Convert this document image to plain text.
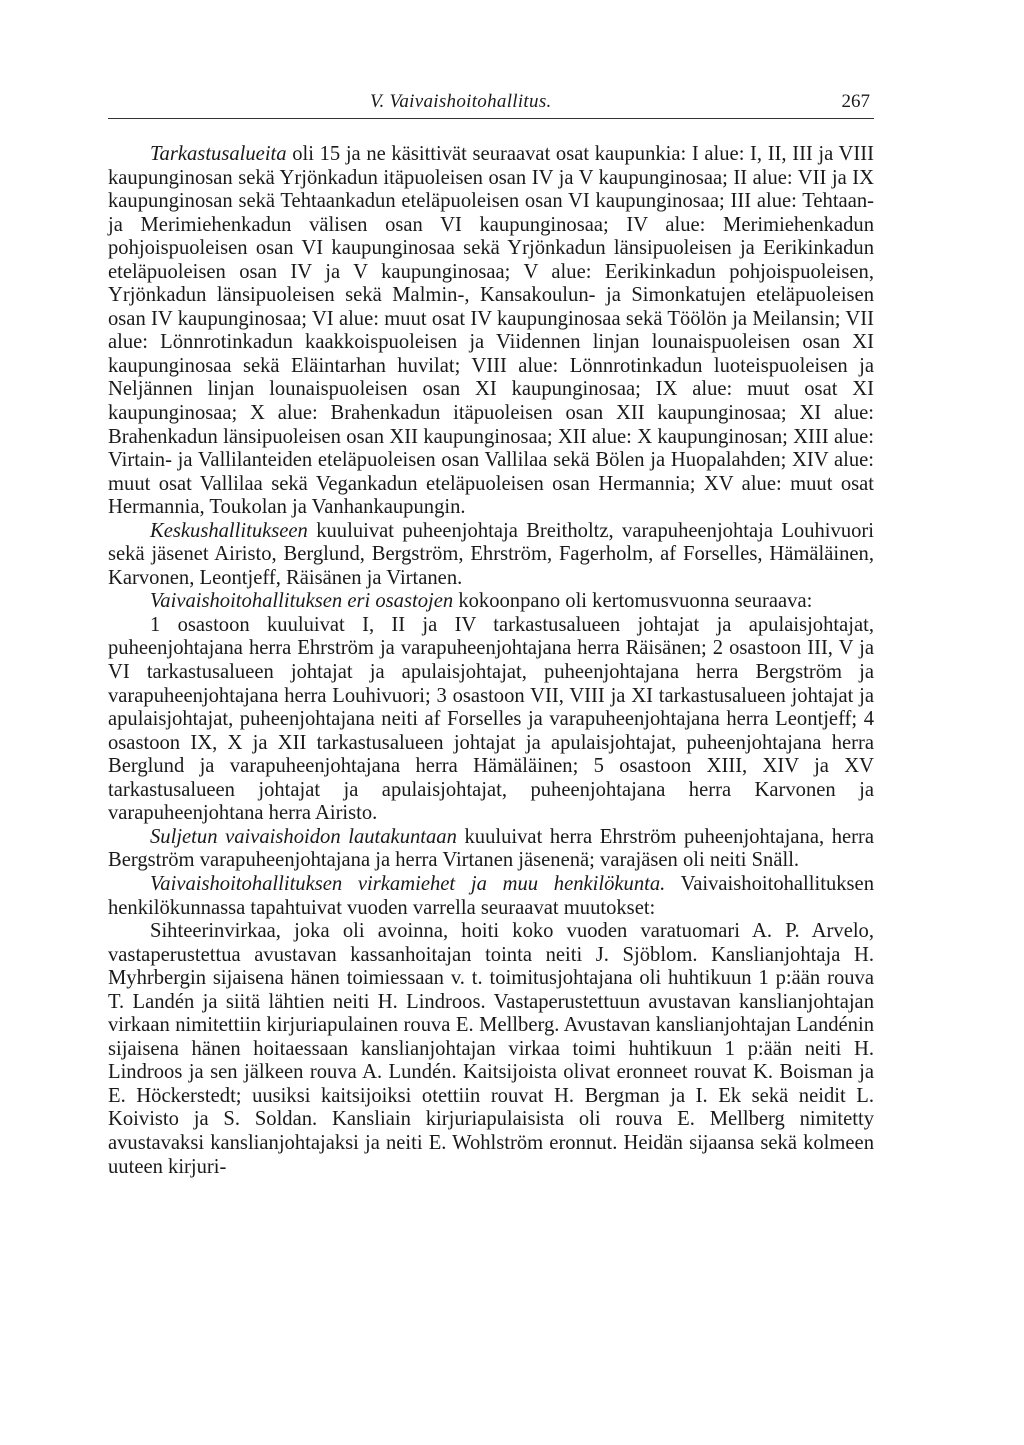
V. Vaivaishoitohallitus.	267

Tarkastusalueita oli 15 ja ne käsittivät seuraavat osat kaupunkia: I alue: I, II, III ja VIII kaupunginosan sekä Yrjönkadun itäpuoleisen osan IV ja V kaupunginosaa; II alue: VII ja IX kaupunginosan sekä Tehtaankadun eteläpuoleisen osan VI kaupunginosaa; III alue: Tehtaan- ja Merimiehenkadun välisen osan VI kaupunginosaa; IV alue: Merimiehenkadun pohjoispuoleisen osan VI kaupunginosaa sekä Yrjönkadun länsipuoleisen ja Eerikinkadun eteläpuoleisen osan IV ja V kaupunginosaa; V alue: Eerikinkadun pohjoispuoleisen, Yrjönkadun länsipuoleisen sekä Malmin-, Kansakoulun- ja Simonkatujen eteläpuoleisen osan IV kaupunginosaa; VI alue: muut osat IV kaupunginosaa sekä Töölön ja Meilansin; VII alue: Lönnrotinkadun kaakkoispuoleisen ja Viidennen linjan lounaispuoleisen osan XI kaupunginosaa sekä Eläintarhan huvilat; VIII alue: Lönnrotinkadun luoteispuoleisen ja Neljännen linjan lounaispuoleisen osan XI kaupunginosaa; IX alue: muut osat XI kaupunginosaa; X alue: Brahenkadun itäpuoleisen osan XII kaupunginosaa; XI alue: Brahenkadun länsipuoleisen osan XII kaupunginosaa; XII alue: X kaupunginosan; XIII alue: Virtain- ja Vallilanteiden eteläpuoleisen osan Vallilaa sekä Bölen ja Huopalahden; XIV alue: muut osat Vallilaa sekä Vegankadun eteläpuoleisen osan Hermannia; XV alue: muut osat Hermannia, Toukolan ja Vanhankaupungin.

Keskushallitukseen kuuluivat puheenjohtaja Breitholtz, varapuheenjohtaja Louhivuori sekä jäsenet Airisto, Berglund, Bergström, Ehrström, Fagerholm, af Forselles, Hämäläinen, Karvonen, Leontjeff, Räisänen ja Virtanen.

Vaivaishoitohallituksen eri osastojen kokoonpano oli kertomusvuonna seuraava:

1 osastoon kuuluivat I, II ja IV tarkastusalueen johtajat ja apulaisjohtajat, puheenjohtajana herra Ehrström ja varapuheenjohtajana herra Räisänen; 2 osastoon III, V ja VI tarkastusalueen johtajat ja apulaisjohtajat, puheenjohtajana herra Bergström ja varapuheenjohtajana herra Louhivuori; 3 osastoon VII, VIII ja XI tarkastusalueen johtajat ja apulaisjohtajat, puheenjohtajana neiti af Forselles ja varapuheenjohtajana herra Leontjeff; 4 osastoon IX, X ja XII tarkastusalueen johtajat ja apulaisjohtajat, puheenjohtajana herra Berglund ja varapuheenjohtajana herra Hämäläinen; 5 osastoon XIII, XIV ja XV tarkastusalueen johtajat ja apulaisjohtajat, puheenjohtajana herra Karvonen ja varapuheenjohtana herra Airisto.

Suljetun vaivaishoidon lautakuntaan kuuluivat herra Ehrström puheenjohtajana, herra Bergström varapuheenjohtajana ja herra Virtanen jäsenenä; varajäsen oli neiti Snäll.

Vaivaishoitohallituksen virkamiehet ja muu henkilökunta. Vaivaishoitohallituksen henkilökunnassa tapahtuivat vuoden varrella seuraavat muutokset:

Sihteerinvirkaa, joka oli avoinna, hoiti koko vuoden varatuomari A. P. Arvelo, vastaperustettua avustavan kassanhoitajan tointa neiti J. Sjöblom. Kanslianjohtaja H. Myhrbergin sijaisena hänen toimiessaan v. t. toimitusjohtajana oli huhtikuun 1 p:ään rouva T. Landén ja siitä lähtien neiti H. Lindroos. Vastaperustettuun avustavan kanslianjohtajan virkaan nimitettiin kirjuriapulainen rouva E. Mellberg. Avustavan kanslianjohtajan Landénin sijaisena hänen hoitaessaan kanslianjohtajan virkaa toimi huhtikuun 1 p:ään neiti H. Lindroos ja sen jälkeen rouva A. Lundén. Kaitsijoista olivat eronneet rouvat K. Boisman ja E. Höckerstedt; uusiksi kaitsijoiksi otettiin rouvat H. Bergman ja I. Ek sekä neidit L. Koivisto ja S. Soldan. Kansliain kirjuriapulaisista oli rouva E. Mellberg nimitetty avustavaksi kanslianjohtajaksi ja neiti E. Wohlström eronnut. Heidän sijaansa sekä kolmeen uuteen kirjuri-
